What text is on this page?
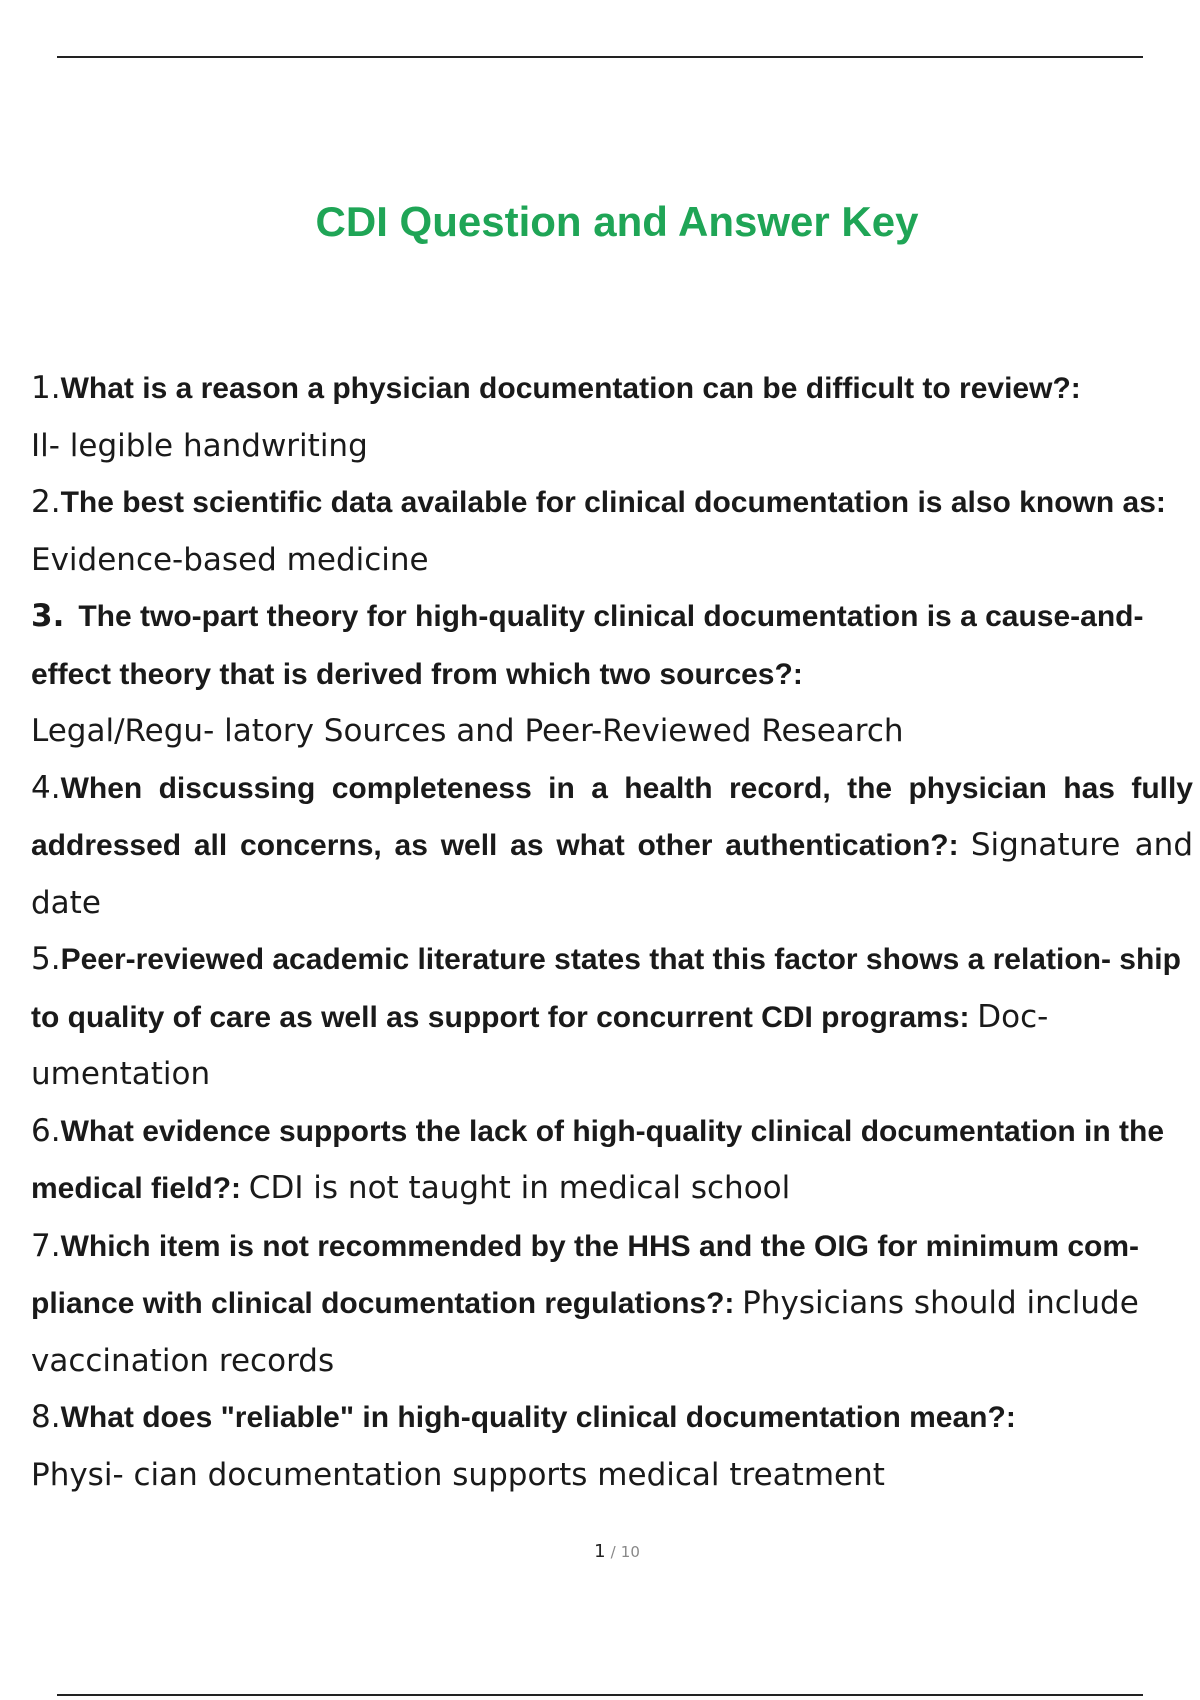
CDI Question and Answer Key
1.What is a reason a physician documentation can be difficult to review?:
Il- legible handwriting
2.The best scientific data available for clinical documentation is also known as: Evidence-based medicine
3. The two-part theory for high-quality clinical documentation is a cause-and-effect theory that is derived from which two sources?:
Legal/Regu- latory Sources and Peer-Reviewed Research
4.When discussing completeness in a health record, the physician has fully addressed all concerns, as well as what other authentication?: Signature and date
5.Peer-reviewed academic literature states that this factor shows a relation- ship to quality of care as well as support for concurrent CDI programs: Doc- umentation
6.What evidence supports the lack of high-quality clinical documentation in the medical field?: CDI is not taught in medical school
7.Which item is not recommended by the HHS and the OIG for minimum com- pliance with clinical documentation regulations?: Physicians should include vaccination records
8.What does "reliable" in high-quality clinical documentation mean?:
Physi- cian documentation supports medical treatment
1 / 10
